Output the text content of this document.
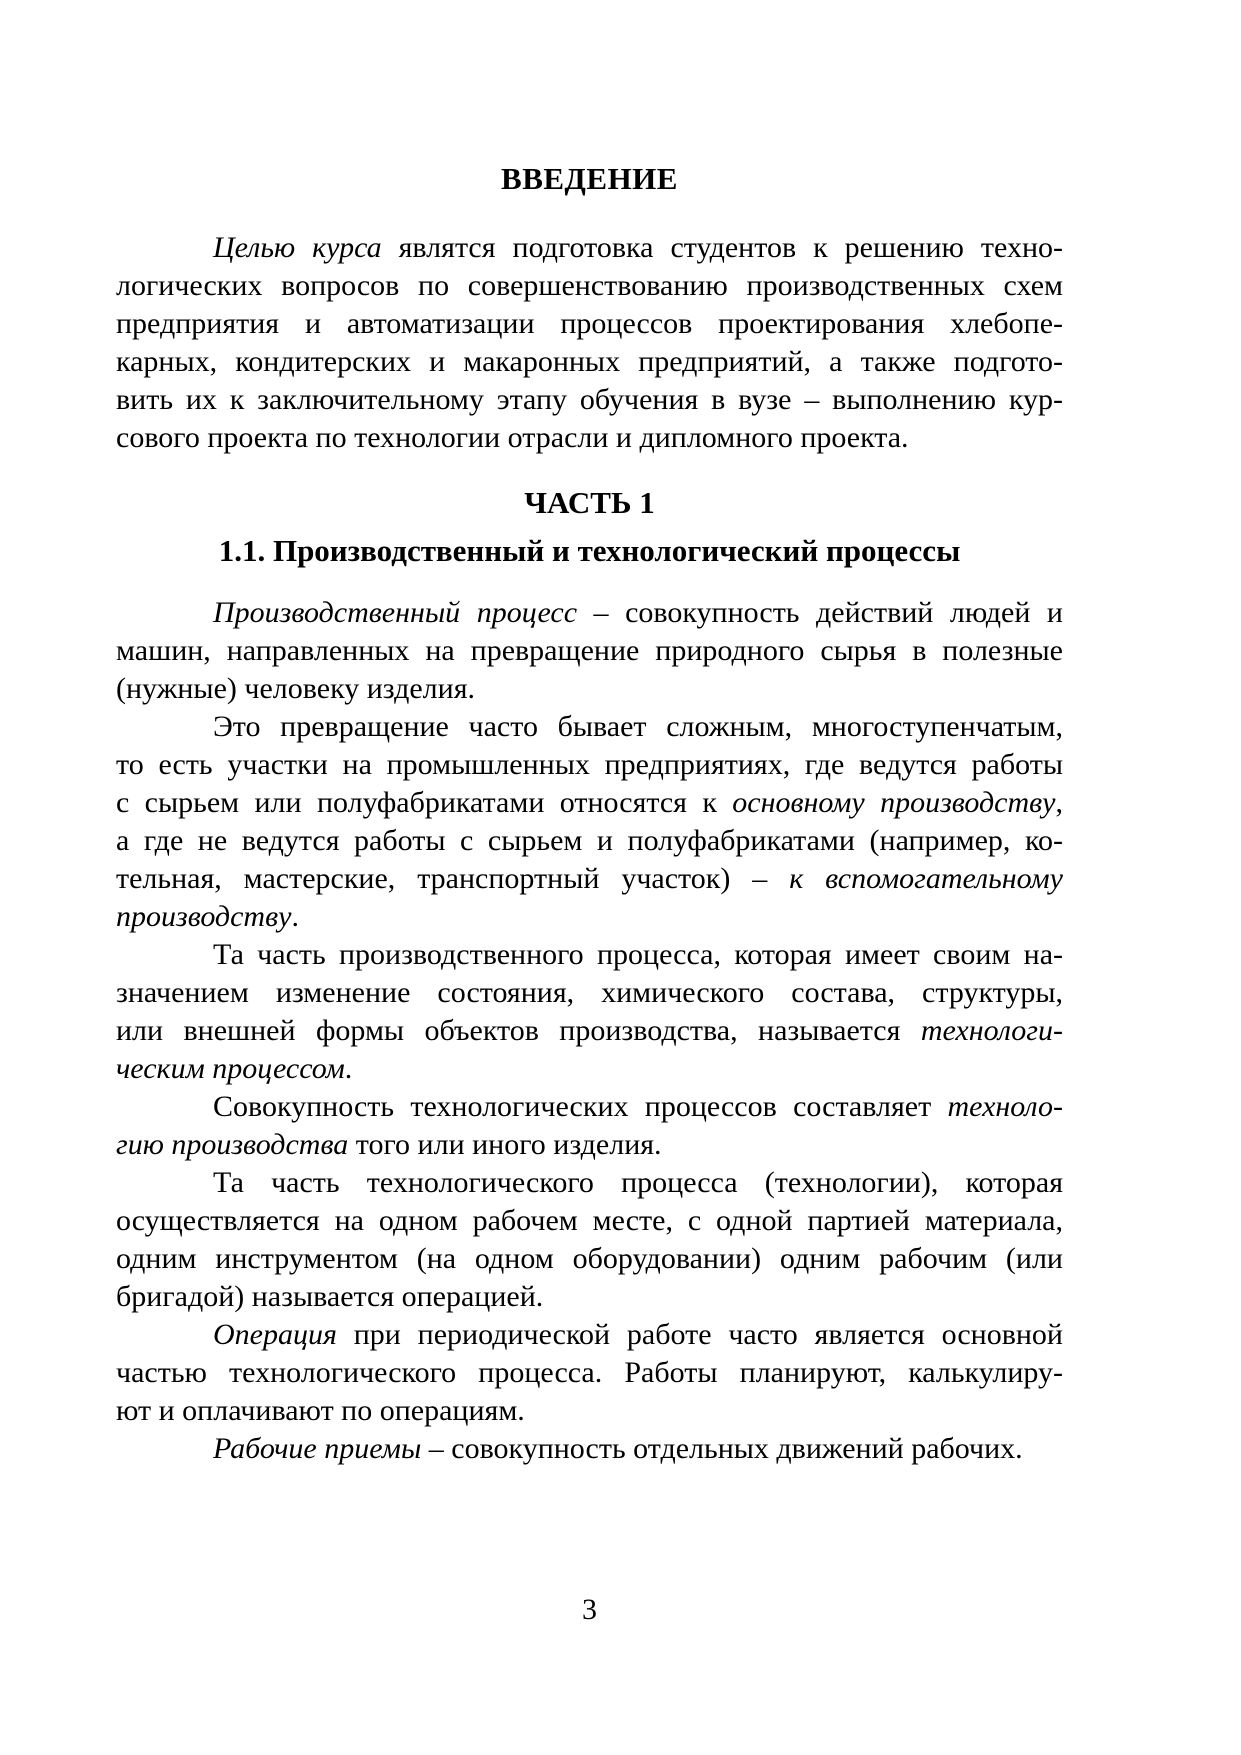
ВВЕДЕНИЕ
Целью курса являтся подготовка студентов к решению техно-
логических вопросов по совершенствованию производственных схем
предприятия и автоматизации процессов проектирования хлебопе-
карных, кондитерских и макаронных предприятий, а также подгото-
вить их к заключительному этапу обучения в вузе – выполнению кур-
сового проекта по технологии отрасли и дипломного проекта.
ЧАСТЬ 1
1.1. Производственный и технологический процессы
Производственный процесс – совокупность действий людей и
машин, направленных на превращение природного сырья в полезные
(нужные) человеку изделия.
Это превращение часто бывает сложным, многоступенчатым,
то есть участки на промышленных предприятиях, где ведутся работы
с сырьем или полуфабрикатами относятся к основному производству,
а где не ведутся работы с сырьем и полуфабрикатами (например, ко-
тельная, мастерские, транспортный участок) – к вспомогательному
производству.
Та часть производственного процесса, которая имеет своим на-
значением изменение состояния, химического состава, структуры,
или внешней формы объектов производства, называется технологи-
ческим процессом.
Совокупность технологических процессов составляет техноло-
гию производства того или иного изделия.
Та часть технологического процесса (технологии), которая
осуществляется на одном рабочем месте, с одной партией материала,
одним инструментом (на одном оборудовании) одним рабочим (или
бригадой) называется операцией.
Операция при периодической работе часто является основной
частью технологического процесса. Работы планируют, калькулиру-
ют и оплачивают по операциям.
Рабочие приемы – совокупность отдельных движений рабочих.
3
